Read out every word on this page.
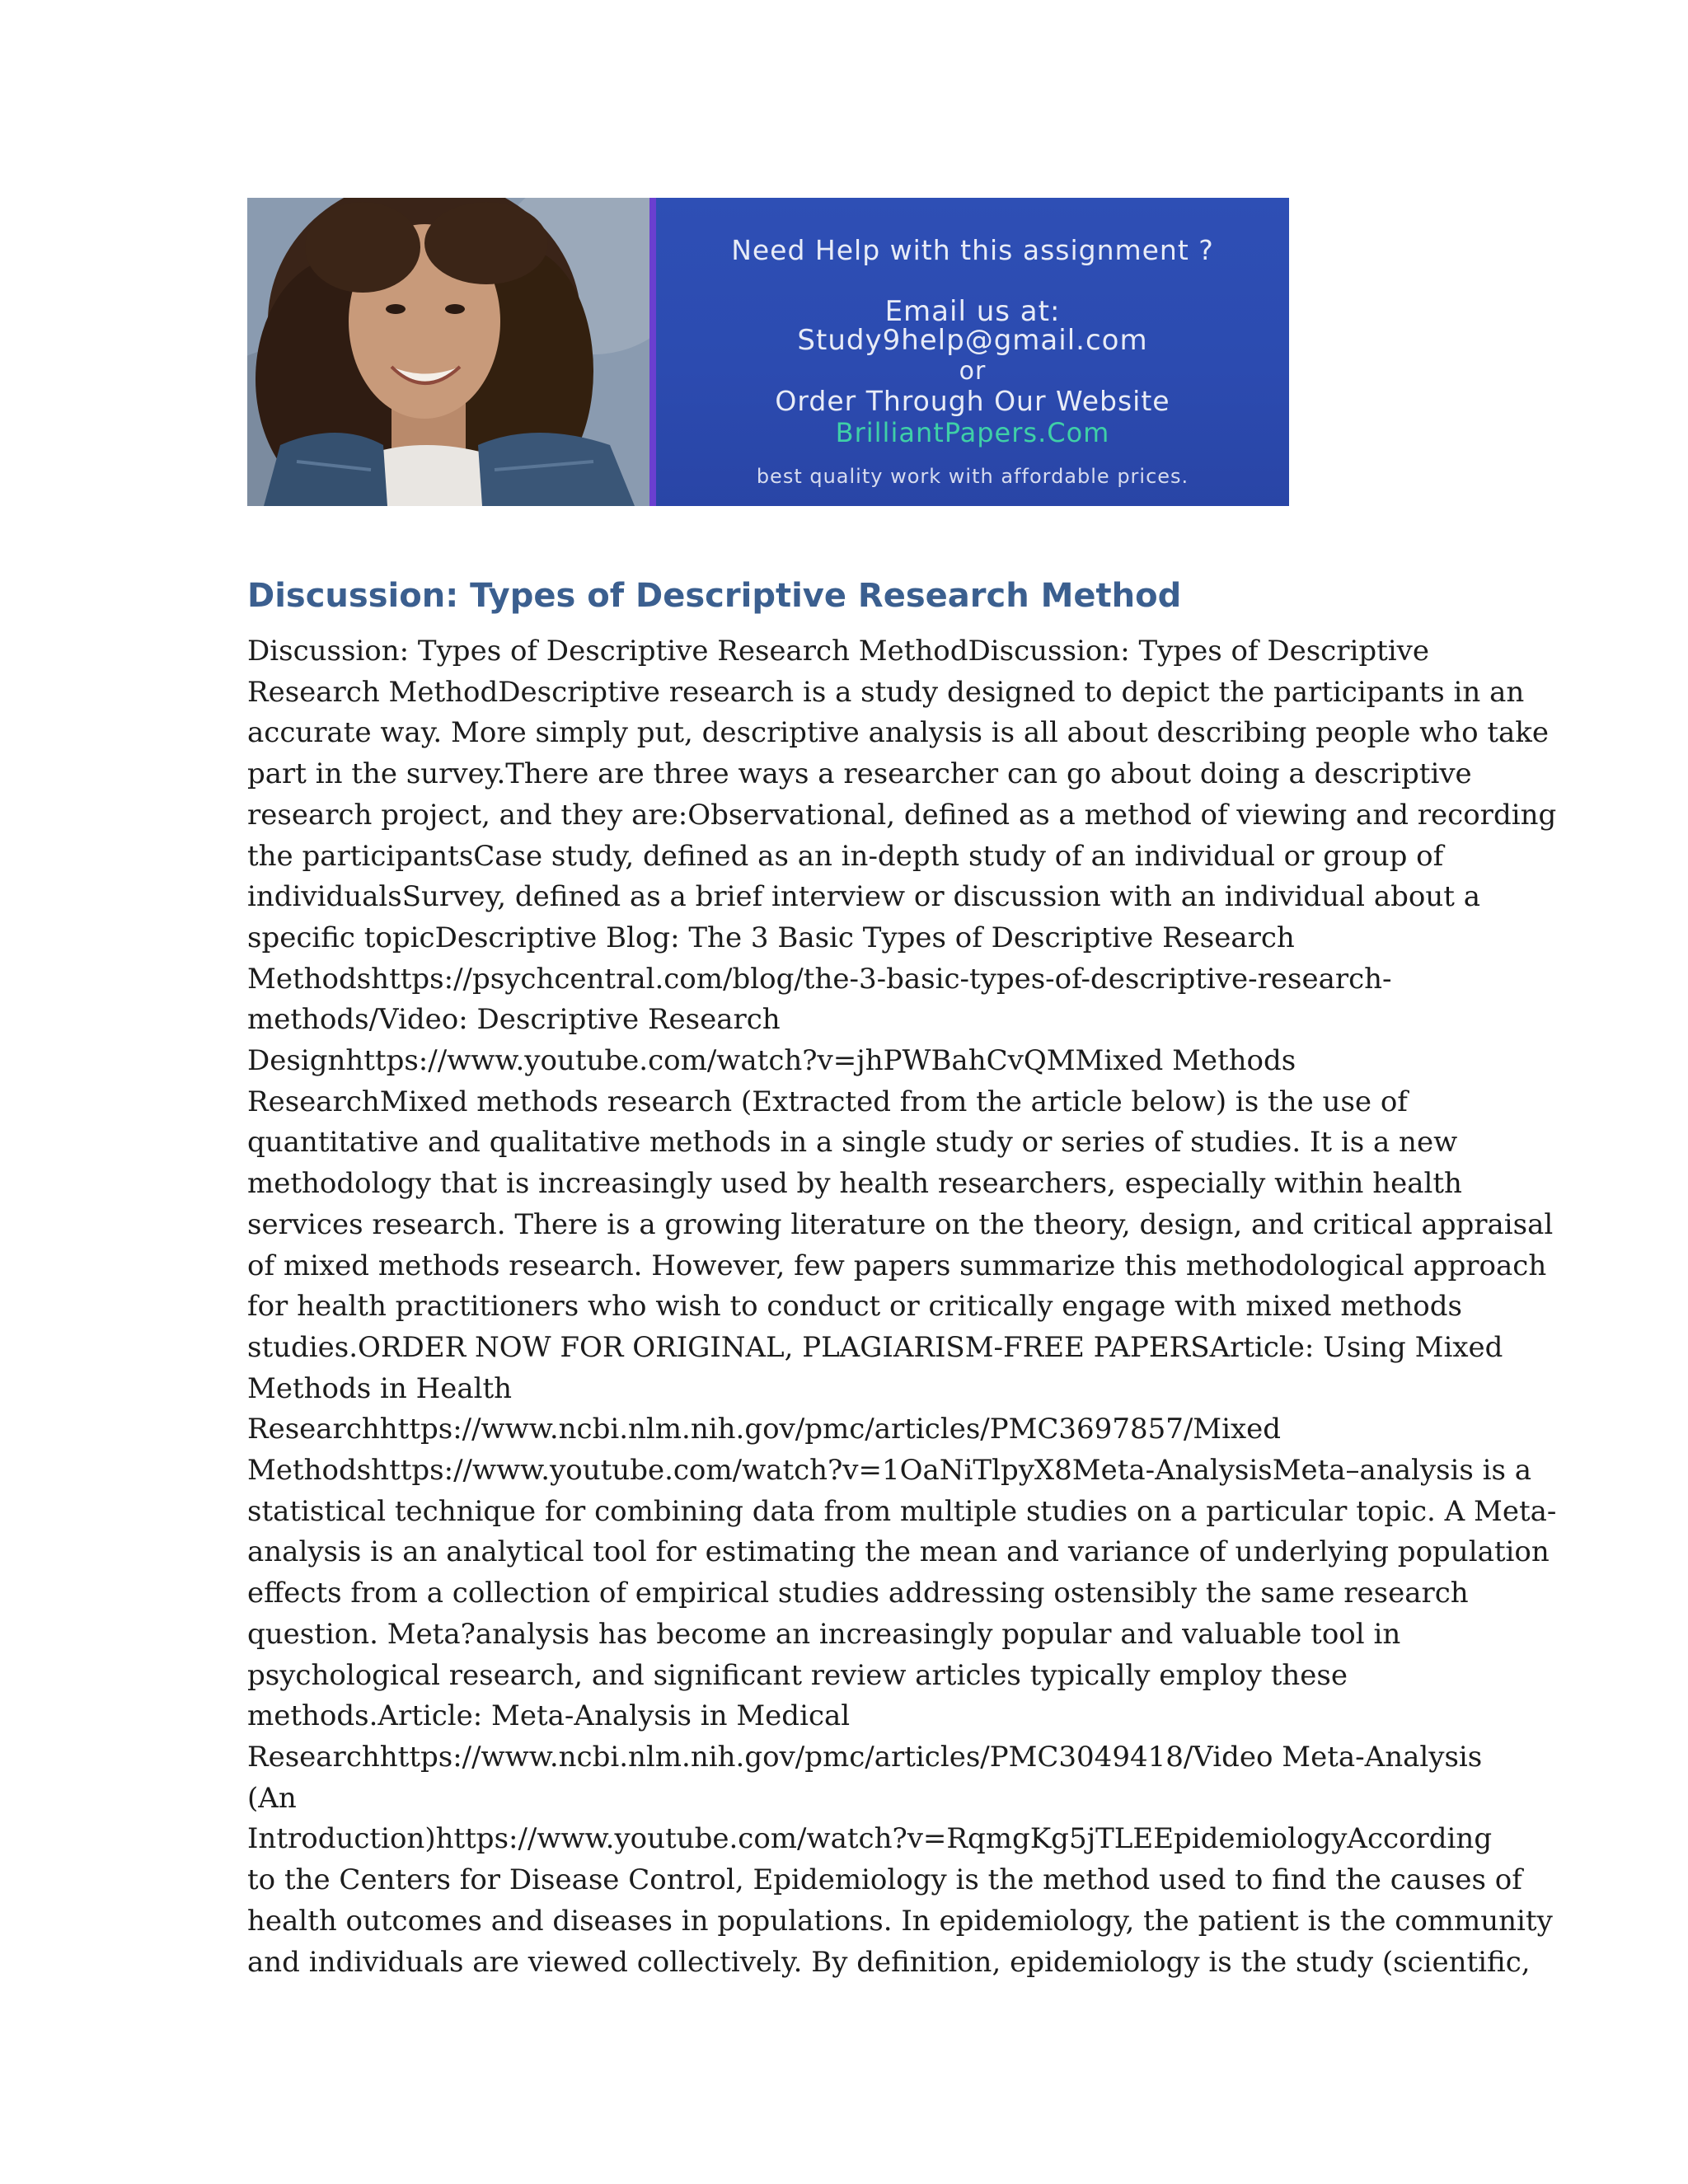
Need Help with this assignment ?
Email us at:
Study9help@gmail.com
or
Order Through Our Website
BrilliantPapers.Com
best quality work with affordable prices.
Discussion: Types of Descriptive Research Method
Discussion: Types of Descriptive Research MethodDiscussion: Types of Descriptive
Research MethodDescriptive research is a study designed to depict the participants in an
accurate way. More simply put, descriptive analysis is all about describing people who take
part in the survey.There are three ways a researcher can go about doing a descriptive
research project, and they are:Observational, defined as a method of viewing and recording
the participantsCase study, defined as an in-depth study of an individual or group of
individualsSurvey, defined as a brief interview or discussion with an individual about a
specific topicDescriptive Blog: The 3 Basic Types of Descriptive Research
Methodshttps://psychcentral.com/blog/the-3-basic-types-of-descriptive-research-
methods/Video: Descriptive Research
Designhttps://www.youtube.com/watch?v=jhPWBahCvQMMixed Methods
ResearchMixed methods research (Extracted from the article below) is the use of
quantitative and qualitative methods in a single study or series of studies. It is a new
methodology that is increasingly used by health researchers, especially within health
services research. There is a growing literature on the theory, design, and critical appraisal
of mixed methods research. However, few papers summarize this methodological approach
for health practitioners who wish to conduct or critically engage with mixed methods
studies.ORDER NOW FOR ORIGINAL, PLAGIARISM-FREE PAPERSArticle: Using Mixed
Methods in Health
Researchhttps://www.ncbi.nlm.nih.gov/pmc/articles/PMC3697857/Mixed
Methodshttps://www.youtube.com/watch?v=1OaNiTlpyX8Meta-AnalysisMeta–analysis is a
statistical technique for combining data from multiple studies on a particular topic. A Meta-
analysis is an analytical tool for estimating the mean and variance of underlying population
effects from a collection of empirical studies addressing ostensibly the same research
question. Meta?analysis has become an increasingly popular and valuable tool in
psychological research, and significant review articles typically employ these
methods.Article: Meta-Analysis in Medical
Researchhttps://www.ncbi.nlm.nih.gov/pmc/articles/PMC3049418/Video Meta-Analysis
(An
Introduction)https://www.youtube.com/watch?v=RqmgKg5jTLEEpidemiologyAccording
to the Centers for Disease Control, Epidemiology is the method used to find the causes of
health outcomes and diseases in populations. In epidemiology, the patient is the community
and individuals are viewed collectively. By definition, epidemiology is the study (scientific,
